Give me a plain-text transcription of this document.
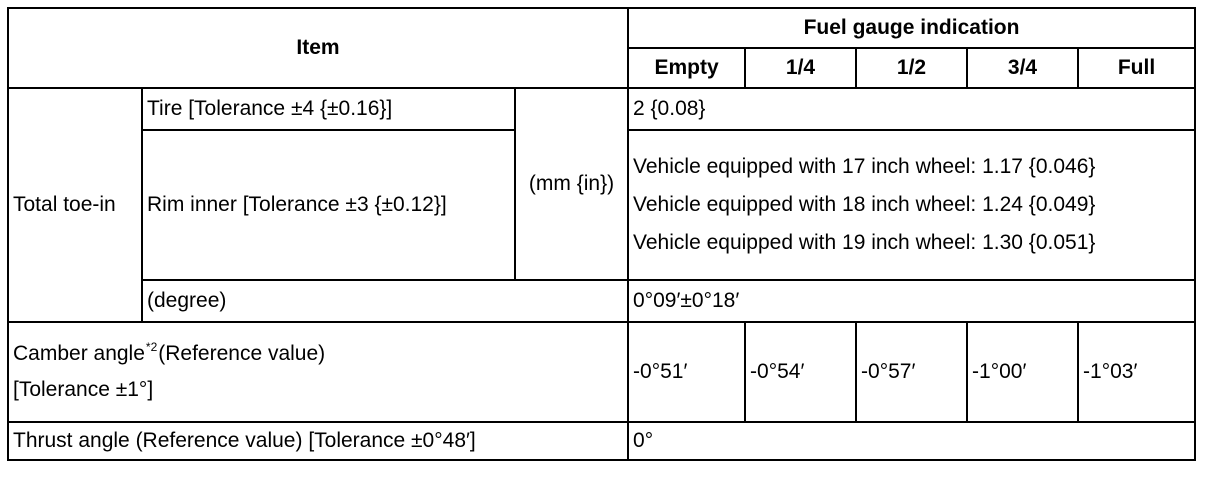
Item			Fuel gauge indication				
			Empty	1/4	1/2	3/4	Full
Total toe-in	Tire [Tolerance ±4 {±0.16}]	(mm {in})	2 {0.08}				
	Rim inner [Tolerance ±3 {±0.12}]		Vehicle equipped with 17 inch wheel: 1.17 {0.046}
Vehicle equipped with 18 inch wheel: 1.24 {0.049}
Vehicle equipped with 19 inch wheel: 1.30 {0.051}				

	(degree)		0°09′±0°18′				

Camber angle$^{*2}$(Reference value)
[Tolerance ±1°]			-0°51′	-0°54′	-0°57′	-1°00′	-1°03′
Thrust angle (Reference value) [Tolerance ±0°48′]			0°				
